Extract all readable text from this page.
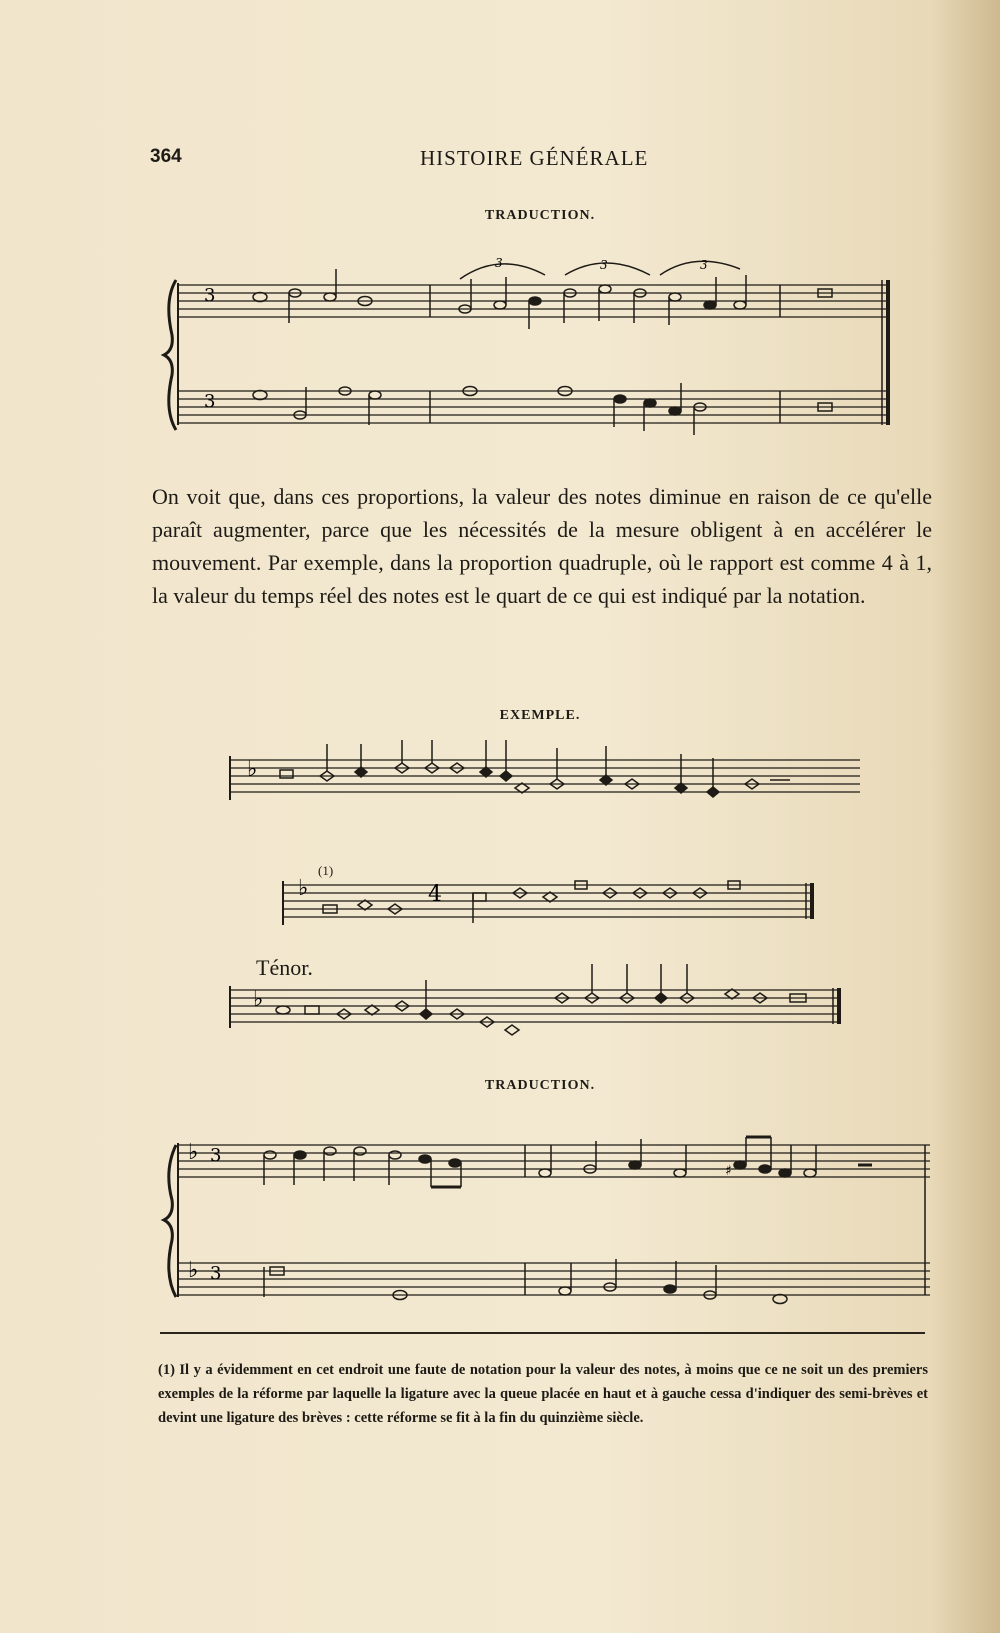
364	HISTOIRE GÉNÉRALE
TRADUCTION.
3
3
3	3	3
On voit que, dans ces proportions, la valeur des notes diminue en raison de ce qu'elle paraît augmenter, parce que les nécessités de la mesure obligent à en accélérer le mouvement. Par exemple, dans la proportion quadruple, où le rapport est comme 4 à 1, la valeur du temps réel des notes est le quart de ce qui est indiqué par la notation.
EXEMPLE.
♭
(1)
♭	4
Ténor.
♭
TRADUCTION.
♭
♭
3
3
♯
(1) Il y a évidemment en cet endroit une faute de notation pour la valeur des notes, à moins que ce ne soit un des premiers exemples de la réforme par laquelle la ligature avec la queue placée en haut et à gauche cessa d'indiquer des semi-brèves et devint une ligature des brèves : cette réforme se fit à la fin du quinzième siècle.
